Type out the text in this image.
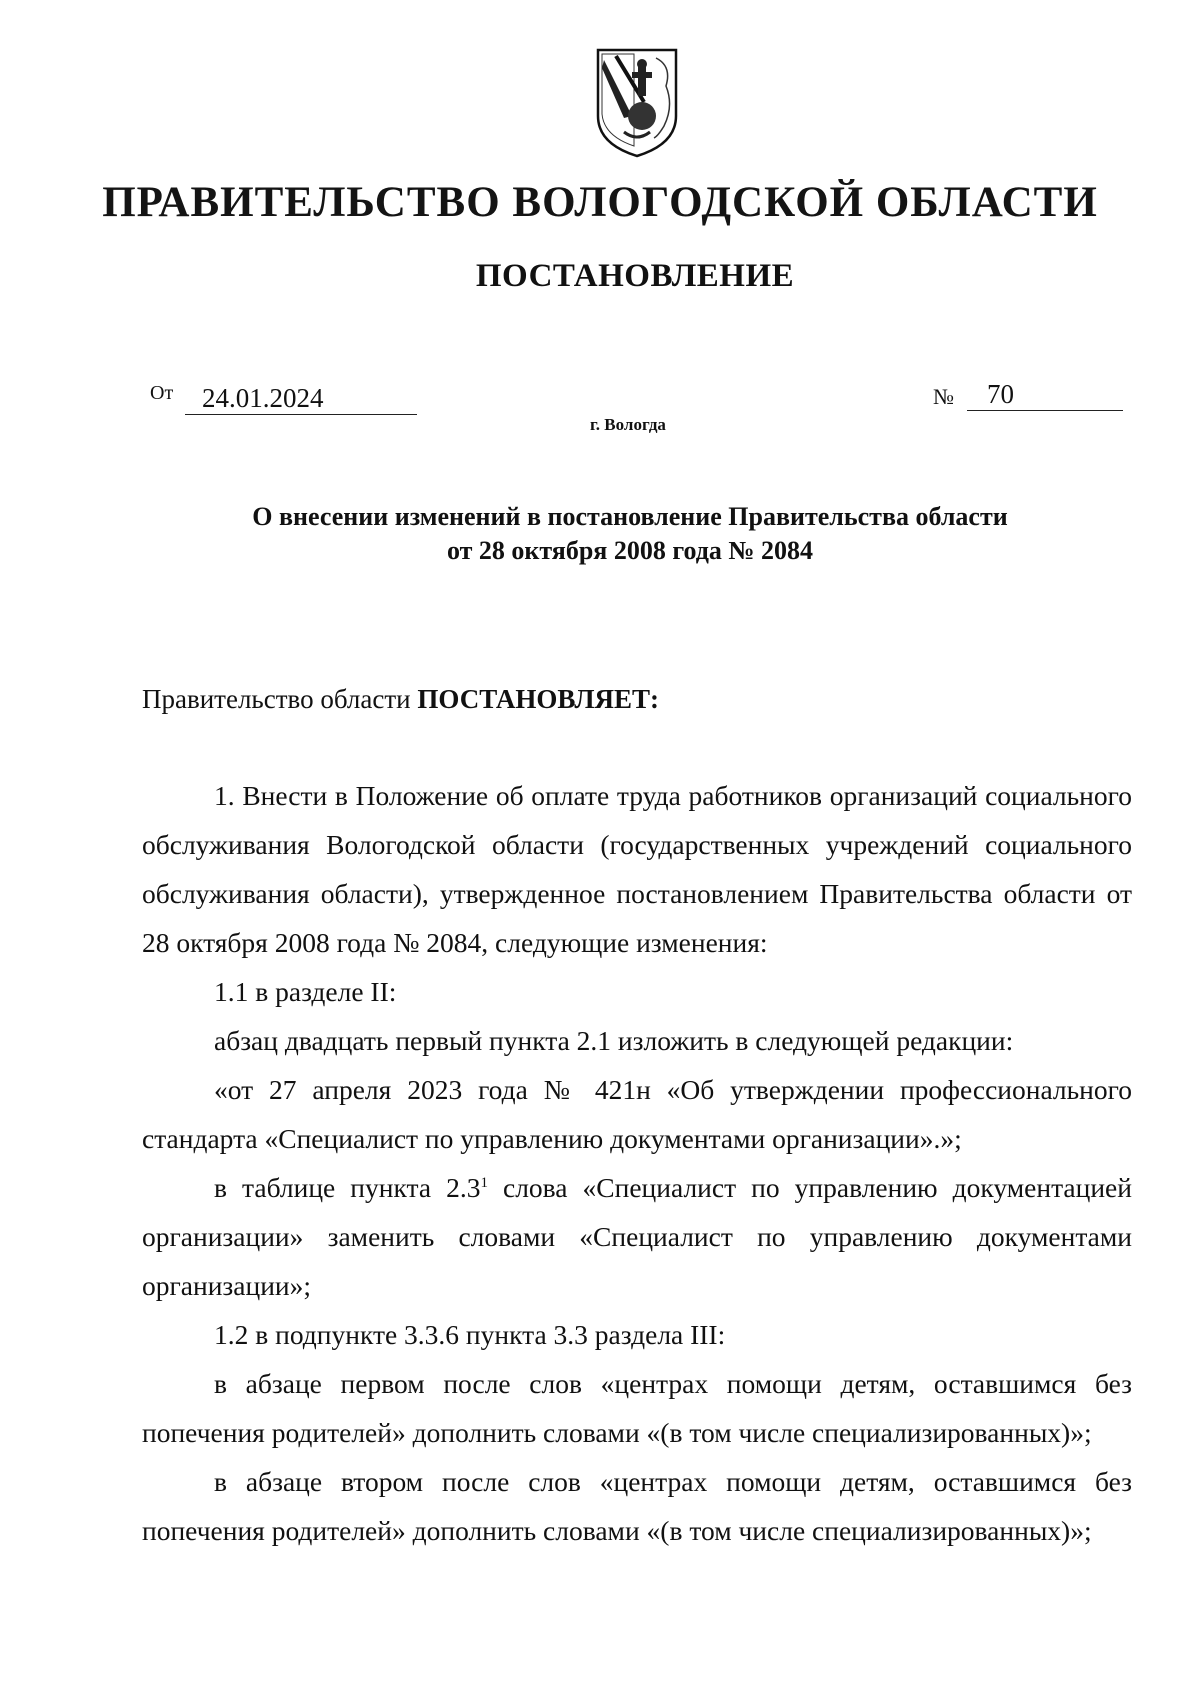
ПРАВИТЕЛЬСТВО ВОЛОГОДСКОЙ ОБЛАСТИ
ПОСТАНОВЛЕНИЕ
От	24.01.2024	№	70
г. Вологда
О внесении изменений в постановление Правительства области
от 28 октября 2008 года № 2084
Правительство области ПОСТАНОВЛЯЕТ:

1. Внести в Положение об оплате труда работников организаций социального обслуживания Вологодской области (государственных учреждений социального обслуживания области), утвержденное постановлением Правительства области от 28 октября 2008 года № 2084, следующие изменения:

1.1 в разделе II:

абзац двадцать первый пункта 2.1 изложить в следующей редакции:

«от 27 апреля 2023 года № 421н «Об утверждении профессионального стандарта «Специалист по управлению документами организации».»;

в таблице пункта $2.3^1$ слова «Специалист по управлению документацией организации» заменить словами «Специалист по управлению документами организации»;

1.2 в подпункте 3.3.6 пункта 3.3 раздела III:

в абзаце первом после слов «центрах помощи детям, оставшимся без попечения родителей» дополнить словами «(в том числе специализированных)»;

в абзаце втором после слов «центрах помощи детям, оставшимся без попечения родителей» дополнить словами «(в том числе специализированных)»;
